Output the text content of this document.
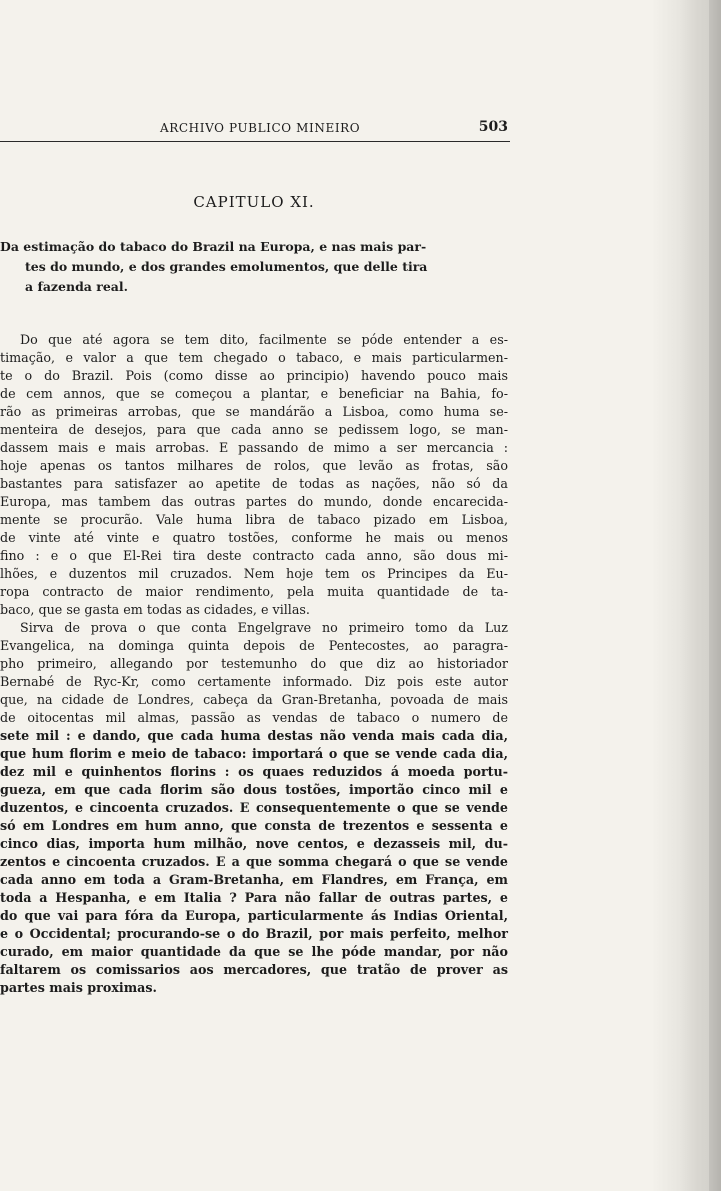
ARCHIVO PUBLICO MINEIRO	503
CAPITULO XI.
Da estimação do tabaco do Brazil na Europa, e nas mais par-
tes do mundo, e dos grandes emolumentos, que delle tira
a fazenda real.
Do que até agora se tem dito, facilmente se póde entender a es-
timação, e valor a que tem chegado o tabaco, e mais particularmen-
te o do Brazil. Pois (como disse ao principio) havendo pouco mais
de cem annos, que se começou a plantar, e beneficiar na Bahia, fo-
rão as primeiras arrobas, que se mandárão a Lisboa, como huma se-
menteira de desejos, para que cada anno se pedissem logo, se man-
dassem mais e mais arrobas. E passando de mimo a ser mercancia :
hoje apenas os tantos milhares de rolos, que levão as frotas, são
bastantes para satisfazer ao apetite de todas as nações, não só da
Europa, mas tambem das outras partes do mundo, donde encarecida-
mente se procurão. Vale huma libra de tabaco pizado em Lisboa,
de vinte até vinte e quatro tostões, conforme he mais ou menos
fino : e o que El-Rei tira deste contracto cada anno, são dous mi-
lhões, e duzentos mil cruzados. Nem hoje tem os Principes da Eu-
ropa contracto de maior rendimento, pela muita quantidade de ta-
baco, que se gasta em todas as cidades, e villas.
Sirva de prova o que conta Engelgrave no primeiro tomo da Luz
Evangelica, na dominga quinta depois de Pentecostes, ao paragra-
pho primeiro, allegando por testemunho do que diz ao historiador
Bernabé de Ryc-Kr, como certamente informado. Diz pois este autor
que, na cidade de Londres, cabeça da Gran-Bretanha, povoada de mais
de oitocentas mil almas, passão as vendas de tabaco o numero de
sete mil : e dando, que cada huma destas não venda mais cada dia,
que hum florim e meio de tabaco: importará o que se vende cada dia,
dez mil e quinhentos florins : os quaes reduzidos á moeda portu-
gueza, em que cada florim são dous tostões, importão cinco mil e
duzentos, e cincoenta cruzados. E consequentemente o que se vende
só em Londres em hum anno, que consta de trezentos e sessenta e
cinco dias, importa hum milhão, nove centos, e dezasseis mil, du-
zentos e cincoenta cruzados. E a que somma chegará o que se vende
cada anno em toda a Gram-Bretanha, em Flandres, em França, em
toda a Hespanha, e em Italia ? Para não fallar de outras partes, e
do que vai para fóra da Europa, particularmente ás Indias Oriental,
e o Occidental; procurando-se o do Brazil, por mais perfeito, melhor
curado, em maior quantidade da que se lhe póde mandar, por não
faltarem os comissarios aos mercadores, que tratão de prover as
partes mais proximas.
